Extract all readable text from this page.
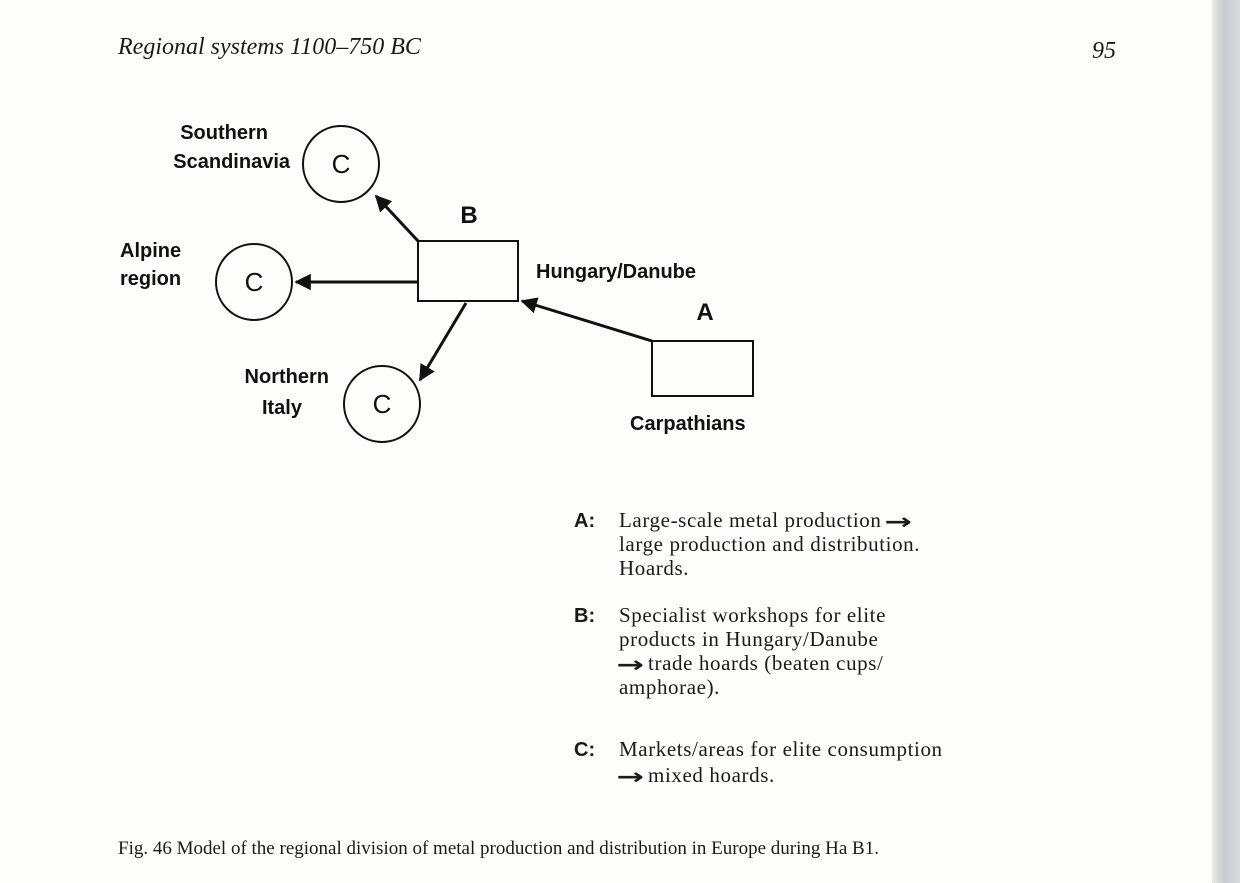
Regional systems 1100–750 BC	95
B
Hungary/Danube
A
Carpathians
C
Southern
Scandinavia
C
Alpine
region
C
Northern
Italy
A: Large-scale metal production →
large production and distribution.
Hoards.
B: Specialist workshops for elite
products in Hungary/Danube
→ trade hoards (beaten cups/
amphorae).
C: Markets/areas for elite consumption
→ mixed hoards.
Fig. 46 Model of the regional division of metal production and distribution in Europe during Ha B1.
